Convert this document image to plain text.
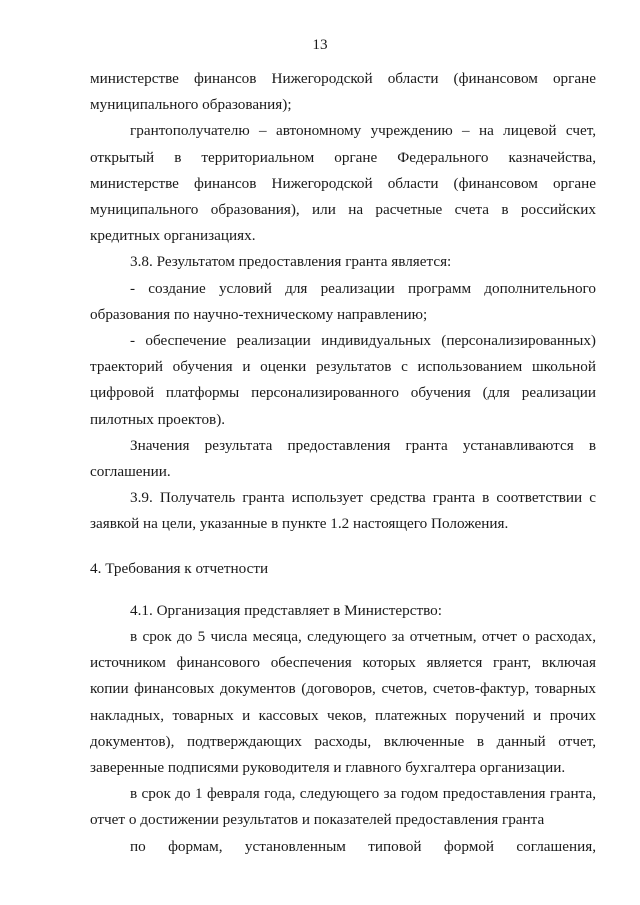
13

министерстве финансов Нижегородской области (финансовом органе муниципального образования);

грантополучателю – автономному учреждению – на лицевой счет, открытый в территориальном органе Федерального казначейства, министерстве финансов Нижегородской области (финансовом органе муниципального образования), или на расчетные счета в российских кредитных организациях.

3.8. Результатом предоставления гранта является:

- создание условий для реализации программ дополнительного образования по научно-техническому направлению;

- обеспечение реализации индивидуальных (персонализированных) траекторий обучения и оценки результатов с использованием школьной цифровой платформы персонализированного обучения (для реализации пилотных проектов).

Значения результата предоставления гранта устанавливаются в соглашении.

3.9. Получатель гранта использует средства гранта в соответствии с заявкой на цели, указанные в пункте 1.2 настоящего Положения.

4. Требования к отчетности

4.1. Организация представляет в Министерство:

в срок до 5 числа месяца, следующего за отчетным, отчет о расходах, источником финансового обеспечения которых является грант, включая копии финансовых документов (договоров, счетов, счетов-фактур, товарных накладных, товарных и кассовых чеков, платежных поручений и прочих документов), подтверждающих расходы, включенные в данный отчет, заверенные подписями руководителя и главного бухгалтера организации.

в срок до 1 февраля года, следующего за годом предоставления гранта, отчет о достижении результатов и показателей предоставления гранта

по формам, установленным типовой формой соглашения,
